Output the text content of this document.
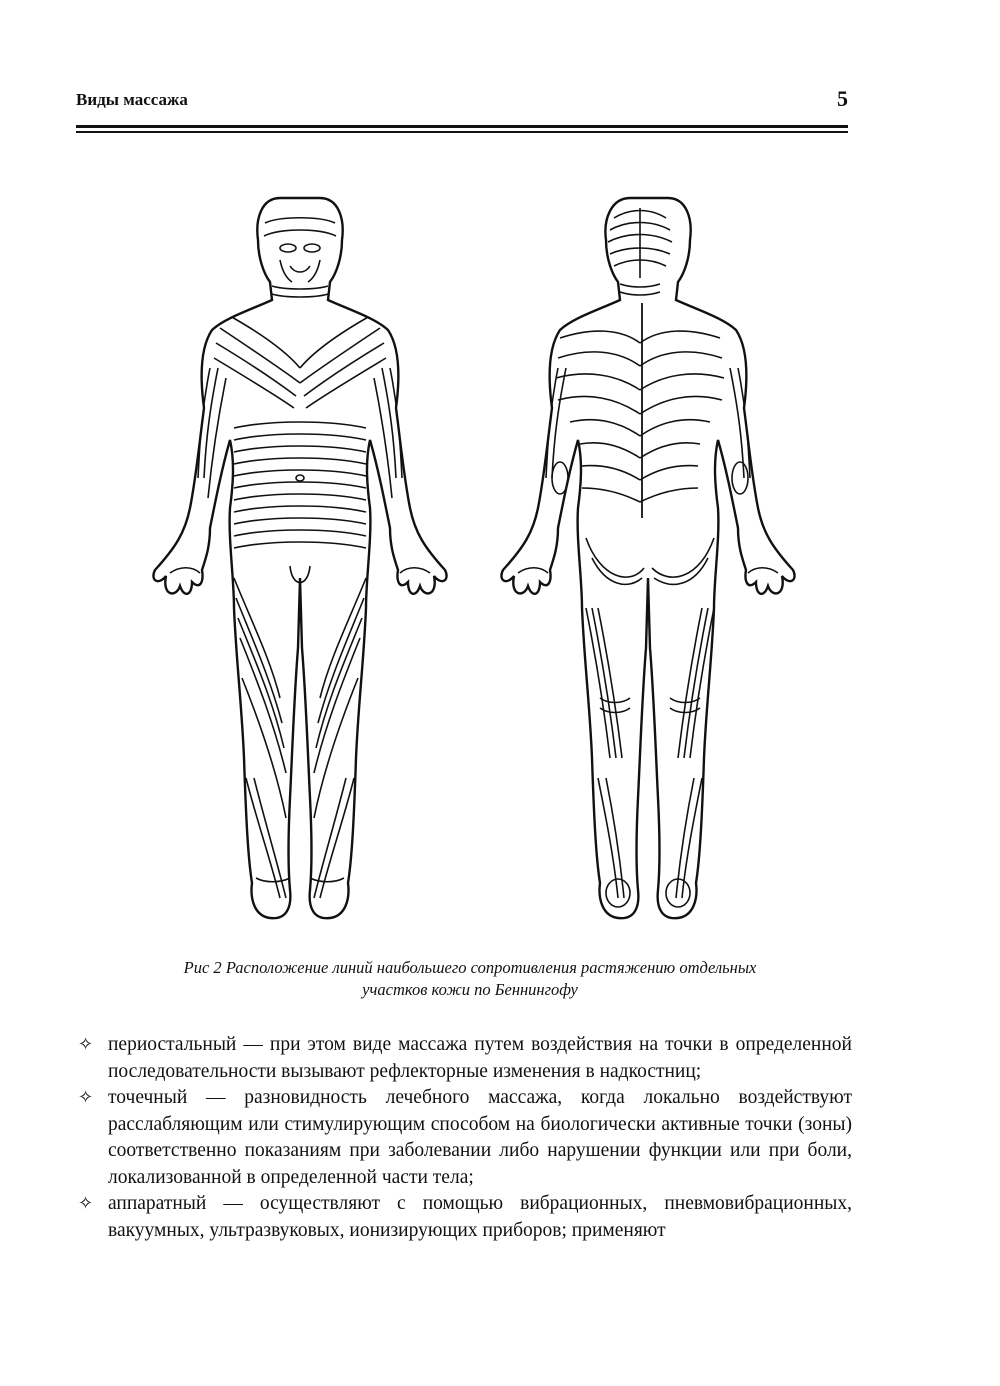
Виды массажа	5
Рис 2 Расположение линий наибольшего сопротивления растяжению отдельных
участков кожи по Беннингофу
✧ периостальный — при этом виде массажа путем воздействия на точки в определенной последовательности вызывают рефлекторные изменения в надкостниц;
✧ точечный — разновидность лечебного массажа, когда локально воздействуют расслабляющим или стимулирующим способом на биологически активные точки (зоны) соответственно показаниям при заболевании либо нарушении функции или при боли, локализованной в определенной части тела;
✧ аппаратный — осуществляют с помощью вибрационных, пневмовибрационных, вакуумных, ультразвуковых, ионизирующих приборов; применяют
